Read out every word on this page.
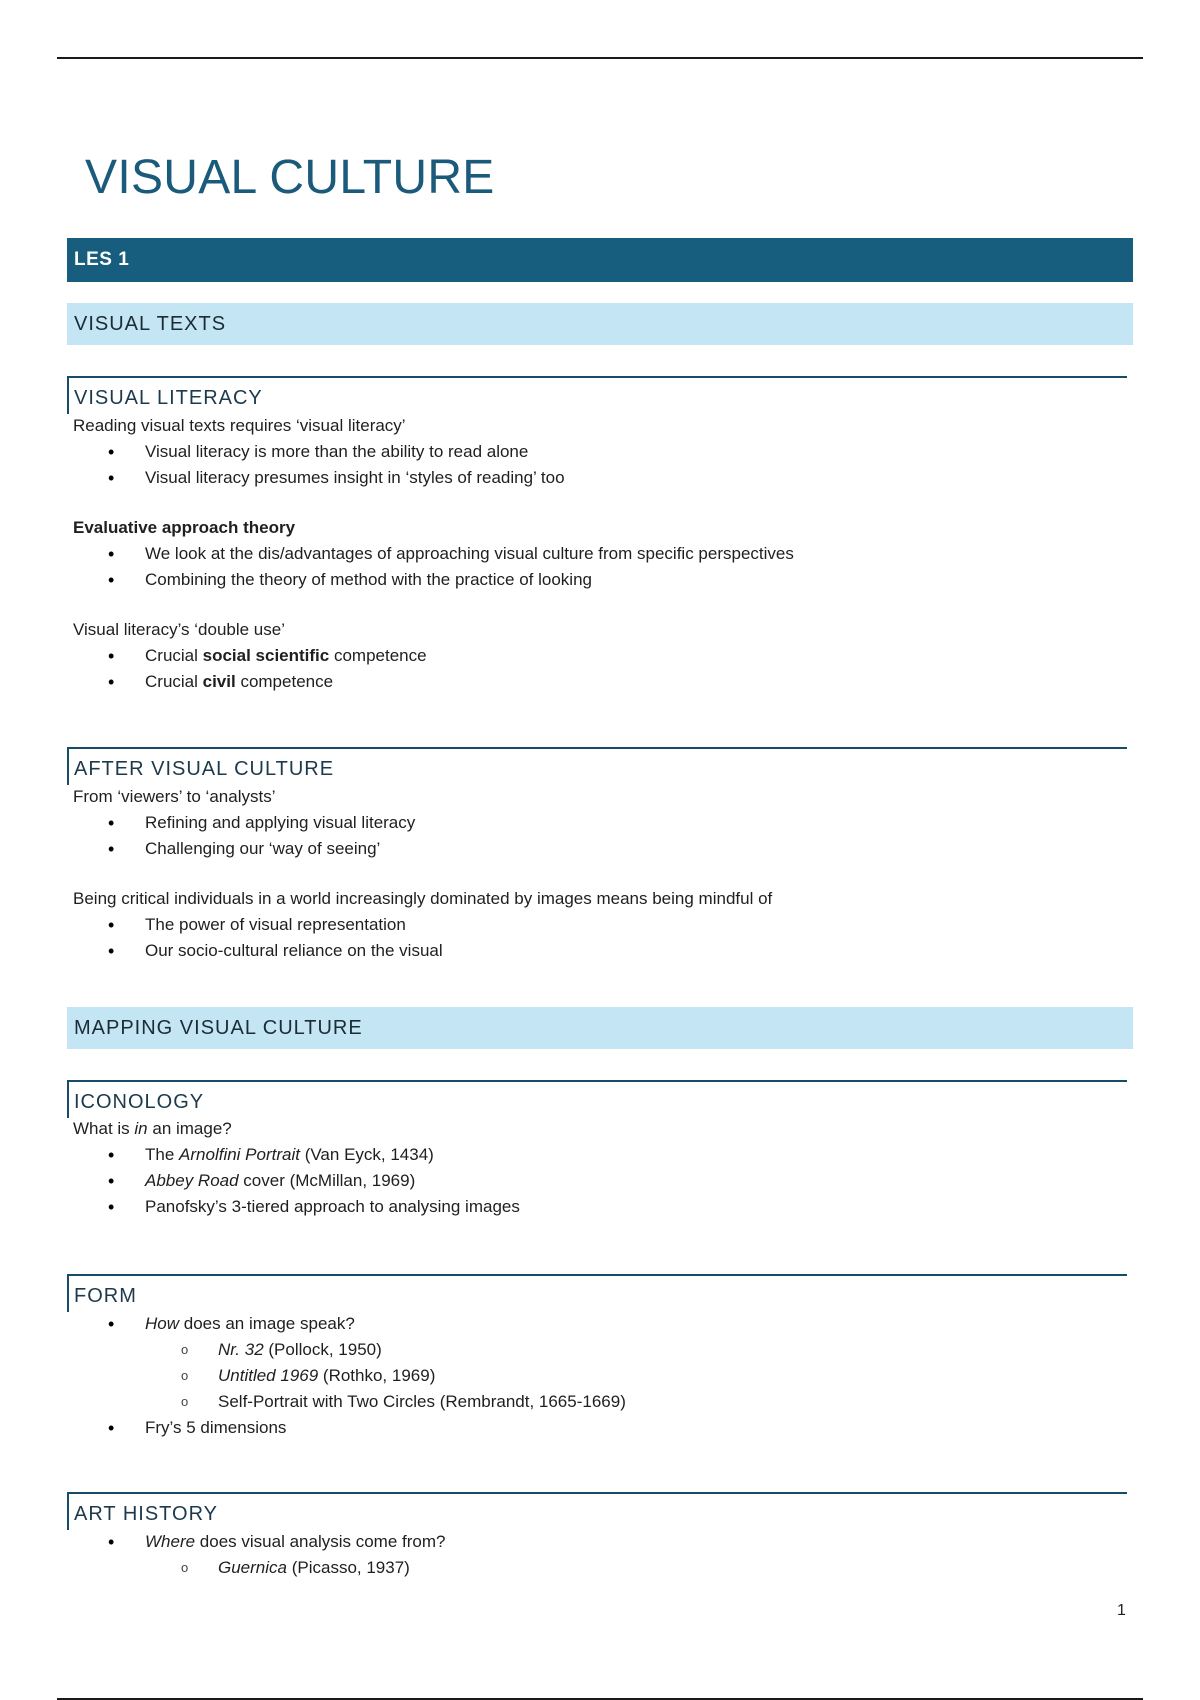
VISUAL CULTURE
LES 1
VISUAL TEXTS
VISUAL LITERACY

Reading visual texts requires ‘visual literacy’

• Visual literacy is more than the ability to read alone
• Visual literacy presumes insight in ‘styles of reading’ too

Evaluative approach theory

• We look at the dis/advantages of approaching visual culture from specific perspectives
• Combining the theory of method with the practice of looking

Visual literacy’s ‘double use’

• Crucial social scientific competence
• Crucial civil competence
AFTER VISUAL CULTURE

From ‘viewers’ to ‘analysts’

• Refining and applying visual literacy
• Challenging our ‘way of seeing’

Being critical individuals in a world increasingly dominated by images means being mindful of

• The power of visual representation
• Our socio-cultural reliance on the visual
MAPPING VISUAL CULTURE
ICONOLOGY

What is in an image?

• The Arnolfini Portrait (Van Eyck, 1434)
• Abbey Road cover (McMillan, 1969)
• Panofsky’s 3-tiered approach to analysing images
FORM
• How does an image speak?
o Nr. 32 (Pollock, 1950)
o Untitled 1969 (Rothko, 1969)
o Self-Portrait with Two Circles (Rembrandt, 1665-1669)
• Fry’s 5 dimensions
ART HISTORY
• Where does visual analysis come from?
o Guernica (Picasso, 1937)
1
